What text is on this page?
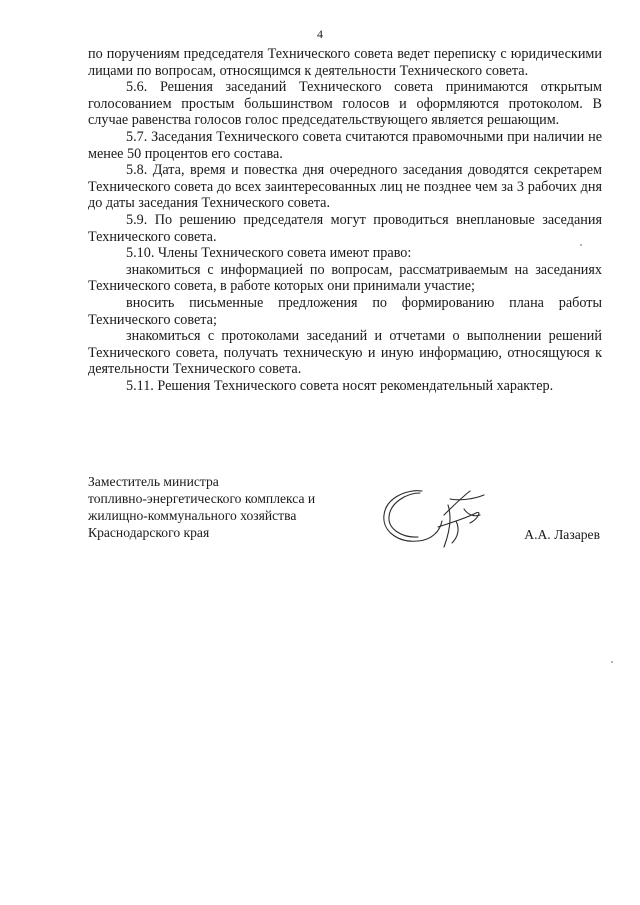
4

по поручениям председателя Технического совета ведет переписку с юридическими лицами по вопросам, относящимся к деятельности Технического совета.

5.6. Решения заседаний Технического совета принимаются открытым голосованием простым большинством голосов и оформляются протоколом. В случае равенства голосов голос председательствующего является решающим.

5.7. Заседания Технического совета считаются правомочными при наличии не менее 50 процентов его состава.

5.8. Дата, время и повестка дня очередного заседания доводятся секретарем Технического совета до всех заинтересованных лиц не позднее чем за 3 рабочих дня до даты заседания Технического совета.

5.9. По решению председателя могут проводиться внеплановые заседания Технического совета.

5.10. Члены Технического совета имеют право:

знакомиться с информацией по вопросам, рассматриваемым на заседаниях Технического совета, в работе которых они принимали участие;

вносить письменные предложения по формированию плана работы Технического совета;

знакомиться с протоколами заседаний и отчетами о выполнении решений Технического совета, получать техническую и иную информацию, относящуюся к деятельности Технического совета.

5.11. Решения Технического совета носят рекомендательный характер.

Заместитель министра
топливно-энергетического комплекса и
жилищно-коммунального хозяйства
Краснодарского края	А.А. Лазарев
